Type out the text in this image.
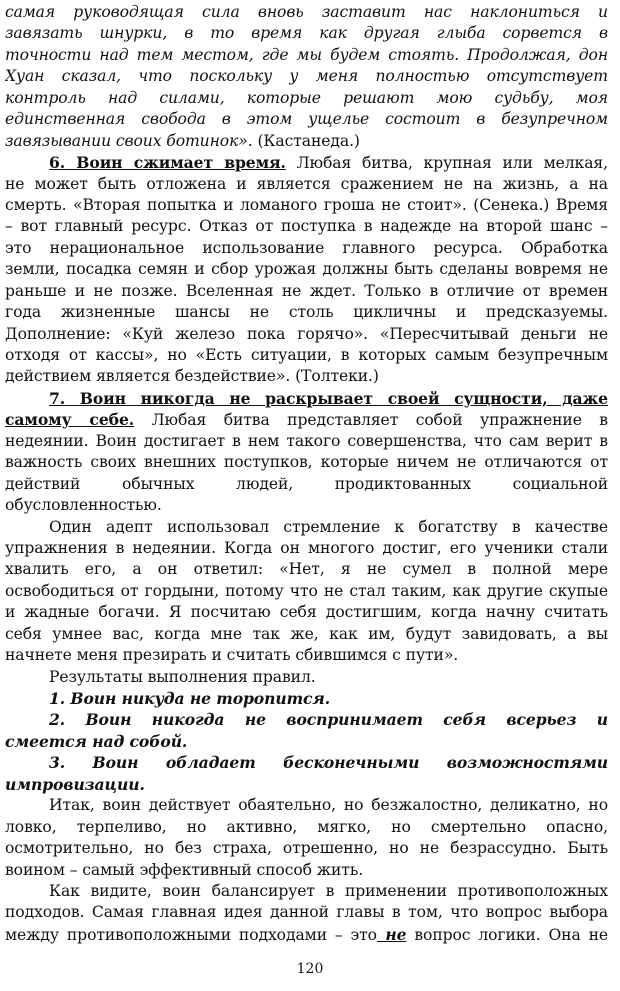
самая руководящая сила вновь заставит нас наклониться и
завязать шнурки, в то время как другая глыба сорвется в
точности над тем местом, где мы будем стоять. Продолжая, дон
Хуан сказал, что поскольку у меня полностью отсутствует
контроль над силами, которые решают мою судьбу, моя
единственная свобода в этом ущелье состоит в безупречном
завязывании своих ботинок». (Кастанеда.)
6. Воин сжимает время. Любая битва, крупная или мелкая,
не может быть отложена и является сражением не на жизнь, а на
смерть. «Вторая попытка и ломаного гроша не стоит». (Сенека.) Время
– вот главный ресурс. Отказ от поступка в надежде на второй шанс –
это нерациональное использование главного ресурса. Обработка
земли, посадка семян и сбор урожая должны быть сделаны вовремя не
раньше и не позже. Вселенная не ждет. Только в отличие от времен
года жизненные шансы не столь цикличны и предсказуемы.
Дополнение: «Куй железо пока горячо». «Пересчитывай деньги не
отходя от кассы», но «Есть ситуации, в которых самым безупречным
действием является бездействие». (Толтеки.)
7. Воин никогда не раскрывает своей сущности, даже
самому себе. Любая битва представляет собой упражнение в
недеянии. Воин достигает в нем такого совершенства, что сам верит в
важность своих внешних поступков, которые ничем не отличаются от
действий обычных людей, продиктованных социальной
обусловленностью.
Один адепт использовал стремление к богатству в качестве
упражнения в недеянии. Когда он многого достиг, его ученики стали
хвалить его, а он ответил: «Нет, я не сумел в полной мере
освободиться от гордыни, потому что не стал таким, как другие скупые
и жадные богачи. Я посчитаю себя достигшим, когда начну считать
себя умнее вас, когда мне так же, как им, будут завидовать, а вы
начнете меня презирать и считать сбившимся с пути».
Результаты выполнения правил.
1. Воин никуда не торопится.
2. Воин никогда не воспринимает себя всерьез и
смеется над собой.
3. Воин обладает бесконечными возможностями
импровизации.
Итак, воин действует обаятельно, но безжалостно, деликатно, но
ловко, терпеливо, но активно, мягко, но смертельно опасно,
осмотрительно, но без страха, отрешенно, но не безрассудно. Быть
воином – самый эффективный способ жить.
Как видите, воин балансирует в применении противоположных
подходов. Самая главная идея данной главы в том, что вопрос выбора
между противоположными подходами – это не вопрос логики. Она не
120
